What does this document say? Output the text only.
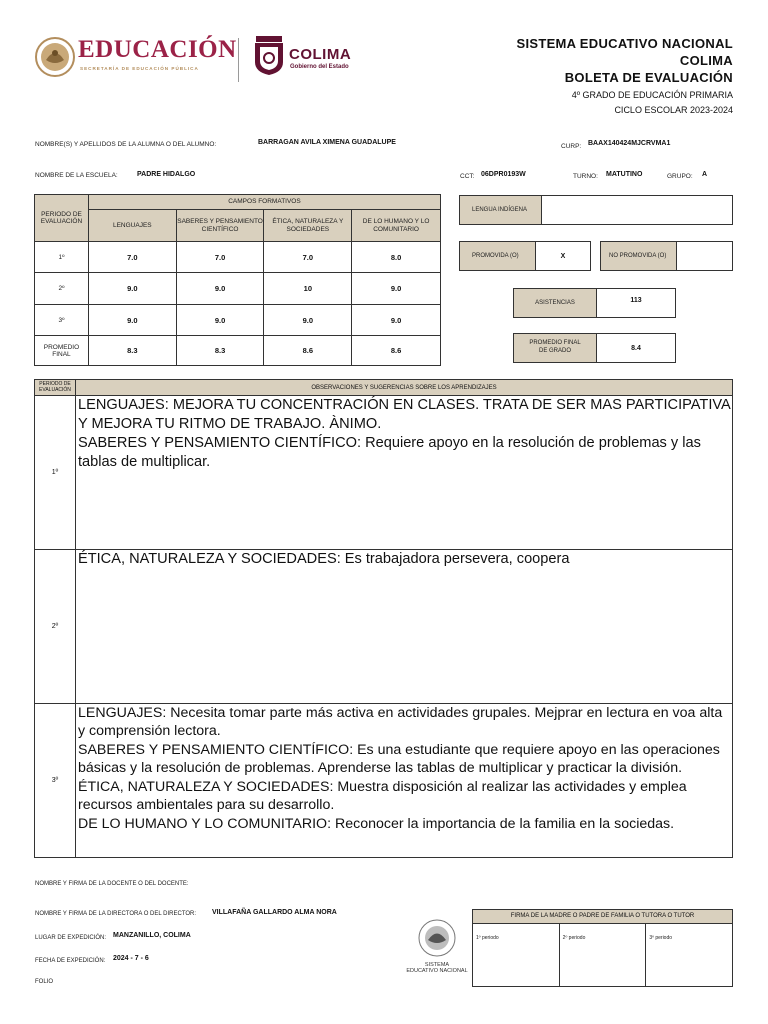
EDUCACIÓN
SECRETARÍA DE EDUCACIÓN PÚBLICA
COLIMA
Gobierno del Estado
SISTEMA EDUCATIVO NACIONAL
COLIMA
BOLETA DE EVALUACIÓN
4º GRADO DE EDUCACIÓN PRIMARIA
CICLO ESCOLAR 2023-2024
NOMBRE(S) Y APELLIDOS DE LA ALUMNA O DEL ALUMNO:	BARRAGAN AVILA XIMENA GUADALUPE
CURP: BAAX140424MJCRVMA1
NOMBRE DE LA ESCUELA:	PADRE HIDALGO	CCT: 06DPR0193W	TURNO: MATUTINO	GRUPO: A
PERIODO DE EVALUACIÓN	CAMPOS FORMATIVOS			
	LENGUAJES	SABERES Y PENSAMIENTO CIENTÍFICO	ÉTICA, NATURALEZA Y SOCIEDADES	DE LO HUMANO Y LO COMUNITARIO
1º	7.0	7.0	7.0	8.0
2º	9.0	9.0	10	9.0
3º	9.0	9.0	9.0	9.0
PROMEDIO FINAL	8.3	8.3	8.6	8.6
LENGUA INDÍGENA
PROMOVIDA (O)	X	NO PROMOVIDA (O)
ASISTENCIAS	113
PROMEDIO FINAL DE GRADO	8.4
PERIODO DE EVALUACIÓN	OBSERVACIONES Y SUGERENCIAS SOBRE LOS APRENDIZAJES
1º	LENGUAJES: MEJORA TU CONCENTRACIÓN EN CLASES. TRATA DE SER MAS PARTICIPATIVA Y MEJORA TU RITMO DE TRABAJO. ÀNIMO.

SABERES Y PENSAMIENTO CIENTÍFICO: Requiere apoyo en la resolución de problemas y las tablas de multiplicar.

2º	ÉTICA, NATURALEZA Y SOCIEDADES: Es trabajadora persevera, coopera

3º	LENGUAJES: Necesita tomar parte más activa en actividades grupales. Mejprar en lectura en voa alta y comprensión lectora.

SABERES Y PENSAMIENTO CIENTÍFICO: Es una estudiante que requiere apoyo en las operaciones básicas y la resolución de problemas. Aprenderse las tablas de multiplicar y practicar la división.

ÉTICA, NATURALEZA Y SOCIEDADES: Muestra disposición al realizar las actividades y emplea recursos ambientales para su desarrollo.

DE LO HUMANO Y LO COMUNITARIO: Reconocer la importancia de la familia en la sociedas.

NOMBRE Y FIRMA DE LA DOCENTE O DEL DOCENTE:
NOMBRE Y FIRMA DE LA DIRECTORA O DEL DIRECTOR: VILLAFAÑA GALLARDO ALMA NORA
LUGAR DE EXPEDICIÓN: MANZANILLO, COLIMA
FECHA DE EXPEDICIÓN: 2024 - 7 - 6
FOLIO
SISTEMA
EDUCATIVO NACIONAL
FIRMA DE LA MADRE O PADRE DE FAMILIA O TUTORA O TUTOR
1º periodo	2º periodo	3º periodo
